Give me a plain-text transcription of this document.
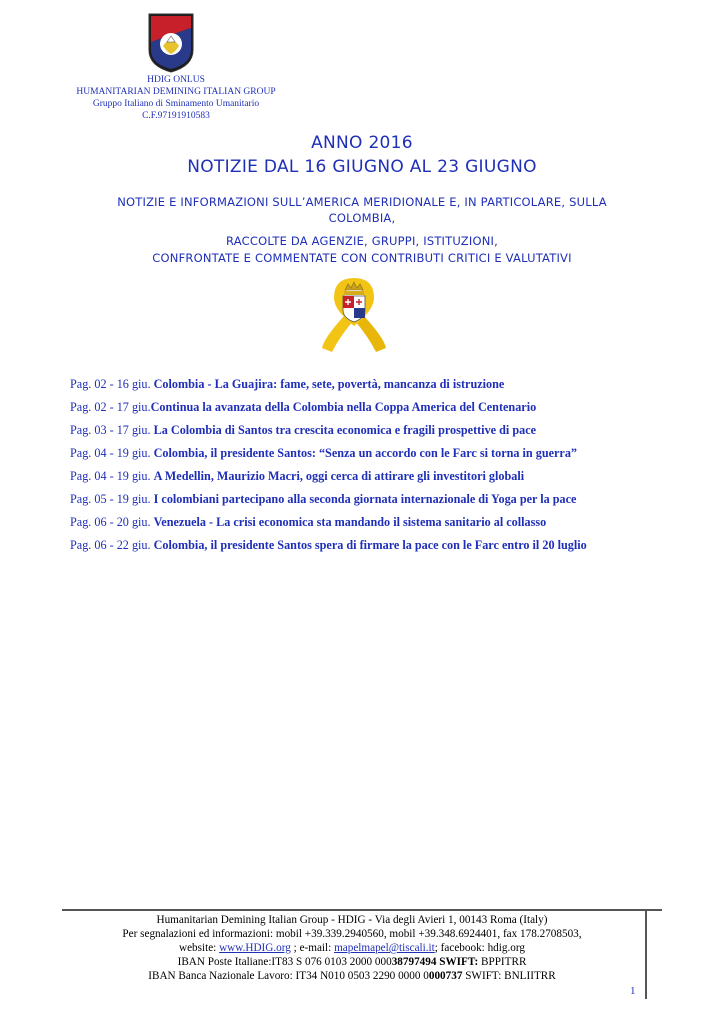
HDIG ONLUS
HUMANITARIAN DEMINING ITALIAN GROUP
Gruppo Italiano di Sminamento Umanitario
C.F.97191910583
ANNO 2016
NOTIZIE DAL 16 GIUGNO AL 23 GIUGNO
NOTIZIE E INFORMAZIONI SULL’AMERICA MERIDIONALE E, IN PARTICOLARE, SULLA
COLOMBIA,
RACCOLTE DA AGENZIE, GRUPPI, ISTITUZIONI,
CONFRONTATE E COMMENTATE CON CONTRIBUTI CRITICI E VALUTATIVI
Pag. 02 - 16 giu. Colombia - La Guajira: fame, sete, povertà, mancanza di istruzione
Pag. 02 - 17 giu.Continua la avanzata della Colombia nella Coppa America del Centenario
Pag. 03 - 17 giu. La Colombia di Santos tra crescita economica e fragili prospettive di pace
Pag. 04 - 19 giu. Colombia, il presidente Santos: “Senza un accordo con le Farc si torna in guerra”
Pag. 04 - 19 giu. A Medellin, Maurizio Macri, oggi cerca di attirare gli investitori globali
Pag. 05 - 19 giu. I colombiani partecipano alla seconda giornata internazionale di Yoga per la pace
Pag. 06 - 20 giu. Venezuela - La crisi economica sta mandando il sistema sanitario al collasso
Pag. 06 - 22 giu. Colombia, il presidente Santos spera di firmare la pace con le Farc entro il 20 luglio
Humanitarian Demining Italian Group - HDIG - Via degli Avieri 1, 00143 Roma (Italy)
Per segnalazioni ed informazioni: mobil +39.339.2940560, mobil +39.348.6924401, fax 178.2708503,
website: www.HDIG.org ; e-mail: mapelmapel@tiscali.it; facebook: hdig.org
IBAN Poste Italiane:IT83 S 076 0103 2000 00038797494 SWIFT: BPPITRR
IBAN Banca Nazionale Lavoro: IT34 N010 0503 2290 0000 0000737 SWIFT: BNLIITRR
1
